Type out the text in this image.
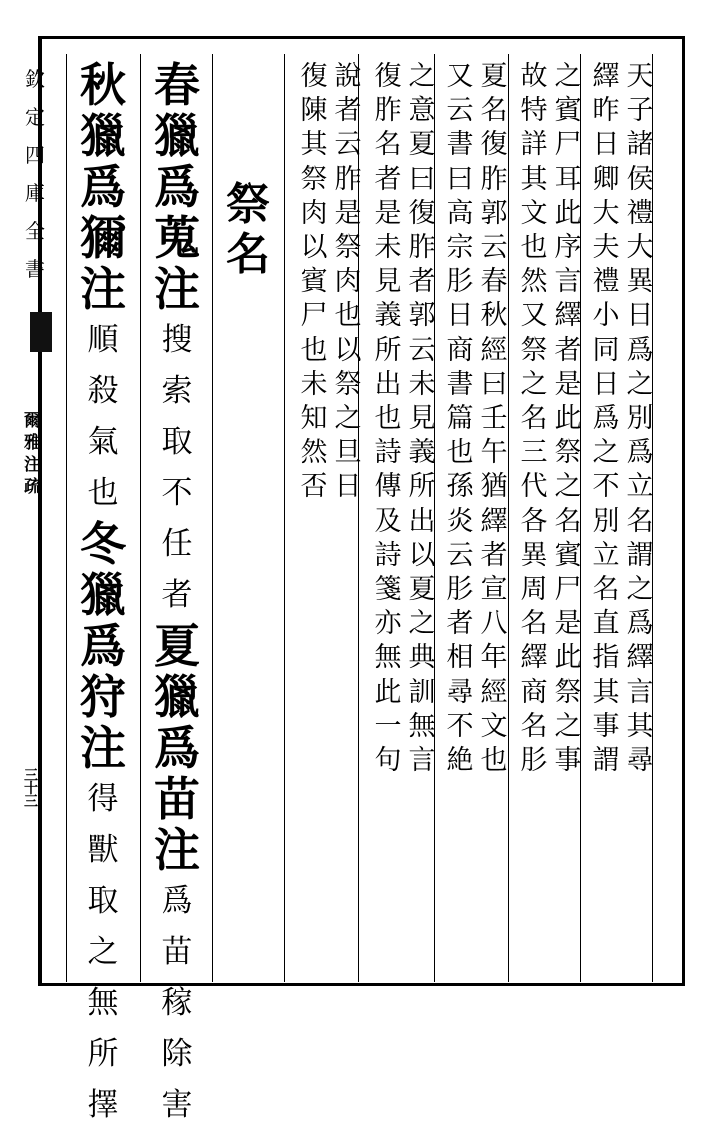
欽
定
四
庫
全
書
爾
雅
注
疏
三
十
三
秋
獵
爲
獮
注
順
殺
氣
也
冬
獵
爲
狩
注
得
獸
取
之
無
所
擇
春
獵
爲
蒐
注
搜
索
取
不
任
者
夏
獵
爲
苗
注
爲
苗
稼
除
害
祭
名
復
陳
其
祭
肉
以
賓
尸
也
未
知
然
否
說
者
云
胙
是
祭
肉
也
以
祭
之
旦
日
復
胙
名
者
是
未
見
義
所
出
也
詩
傳
及
詩
箋
亦
無
此
一
句
之
意
夏
曰
復
胙
者
郭
云
未
見
義
所
出
以
夏
之
典
訓
無
言
又
云
書
曰
高
宗
肜
日
商
書
篇
也
孫
炎
云
肜
者
相
尋
不
絶
夏
名
復
胙
郭
云
春
秋
經
曰
壬
午
猶
繹
者
宣
八
年
經
文
也
故
特
詳
其
文
也
然
又
祭
之
名
三
代
各
異
周
名
繹
商
名
肜
之
賓
尸
耳
此
序
言
繹
者
是
此
祭
之
名
賓
尸
是
此
祭
之
事
繹
昨
日
卿
大
夫
禮
小
同
日
爲
之
不
別
立
名
直
指
其
事
謂
天
子
諸
侯
禮
大
異
日
爲
之
別
爲
立
名
謂
之
爲
繹
言
其
尋
